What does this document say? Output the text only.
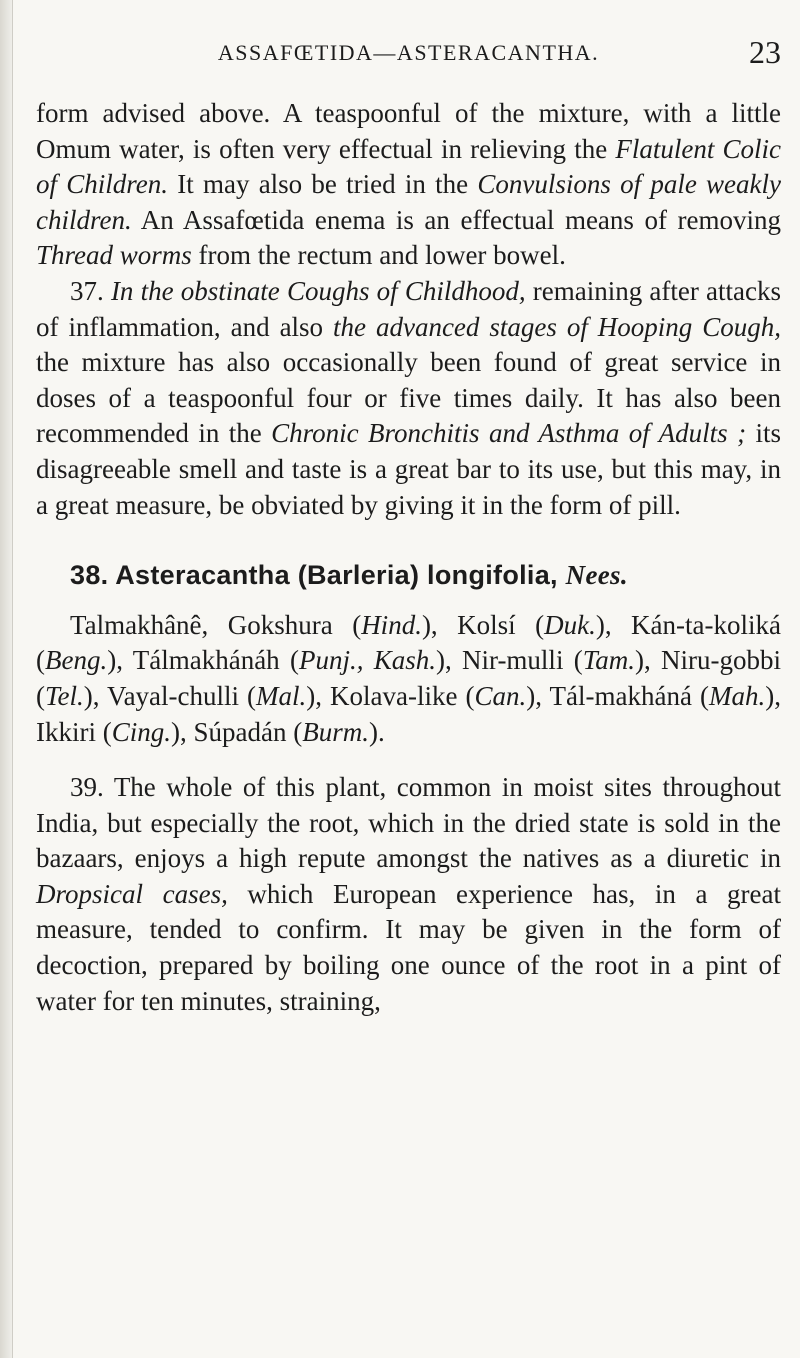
ASSAFŒTIDA—ASTERACANTHA.	23

form advised above. A teaspoonful of the mixture, with a little Omum water, is often very effectual in relieving the Flatulent Colic of Children. It may also be tried in the Convulsions of pale weakly children. An Assafœtida enema is an effectual means of removing Thread worms from the rectum and lower bowel.

37. In the obstinate Coughs of Childhood, remaining after attacks of inflammation, and also the advanced stages of Hooping Cough, the mixture has also occasionally been found of great service in doses of a teaspoonful four or five times daily. It has also been recommended in the Chronic Bronchitis and Asthma of Adults ; its disagreeable smell and taste is a great bar to its use, but this may, in a great measure, be obviated by giving it in the form of pill.

38. Asteracantha (Barleria) longifolia, Nees.

Talmakhânê, Gokshura (Hind.), Kolsí (Duk.), Kán-ta-koliká (Beng.), Tálmakhánáh (Punj., Kash.), Nir-mulli (Tam.), Niru-gobbi (Tel.), Vayal-chulli (Mal.), Kolava-like (Can.), Tál-makháná (Mah.), Ikkiri (Cing.), Súpadán (Burm.).

39. The whole of this plant, common in moist sites throughout India, but especially the root, which in the dried state is sold in the bazaars, enjoys a high repute amongst the natives as a diuretic in Dropsical cases, which European experience has, in a great measure, tended to confirm. It may be given in the form of decoction, prepared by boiling one ounce of the root in a pint of water for ten minutes, straining,
